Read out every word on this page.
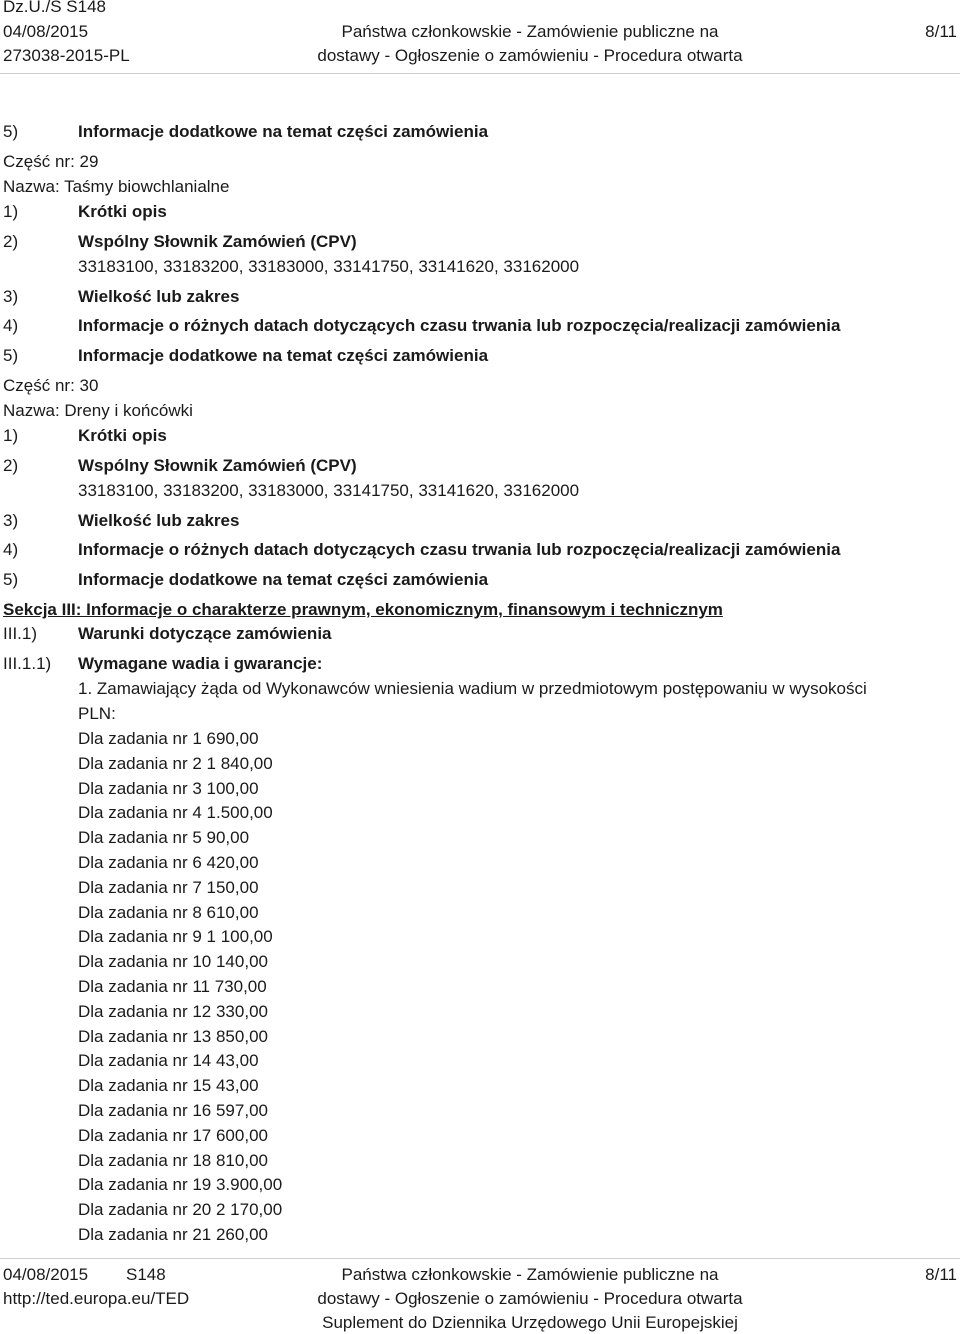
Dz.U./S S148
04/08/2015
273038-2015-PL
Państwa członkowskie - Zamówienie publiczne na
dostawy - Ogłoszenie o zamówieniu - Procedura otwarta
8/11
5)	Informacje dodatkowe na temat części zamówienia
Część nr: 29
Nazwa: Taśmy biowchlanialne
1)	Krótki opis
2)	Wspólny Słownik Zamówień (CPV)
33183100, 33183200, 33183000, 33141750, 33141620, 33162000
3)	Wielkość lub zakres
4)	Informacje o różnych datach dotyczących czasu trwania lub rozpoczęcia/realizacji zamówienia
5)	Informacje dodatkowe na temat części zamówienia
Część nr: 30
Nazwa: Dreny i końcówki
1)	Krótki opis
2)	Wspólny Słownik Zamówień (CPV)
33183100, 33183200, 33183000, 33141750, 33141620, 33162000
3)	Wielkość lub zakres
4)	Informacje o różnych datach dotyczących czasu trwania lub rozpoczęcia/realizacji zamówienia
5)	Informacje dodatkowe na temat części zamówienia
Sekcja III: Informacje o charakterze prawnym, ekonomicznym, finansowym i technicznym
III.1) Warunki dotyczące zamówienia
III.1.1) Wymagane wadia i gwarancje:
1. Zamawiający żąda od Wykonawców wniesienia wadium w przedmiotowym postępowaniu w wysokości
PLN:
Dla zadania nr 1 690,00
Dla zadania nr 2 1 840,00
Dla zadania nr 3 100,00
Dla zadania nr 4 1.500,00
Dla zadania nr 5 90,00
Dla zadania nr 6 420,00
Dla zadania nr 7 150,00
Dla zadania nr 8 610,00
Dla zadania nr 9 1 100,00
Dla zadania nr 10 140,00
Dla zadania nr 11 730,00
Dla zadania nr 12 330,00
Dla zadania nr 13 850,00
Dla zadania nr 14 43,00
Dla zadania nr 15 43,00
Dla zadania nr 16 597,00
Dla zadania nr 17 600,00
Dla zadania nr 18 810,00
Dla zadania nr 19 3.900,00
Dla zadania nr 20 2 170,00
Dla zadania nr 21 260,00
04/08/2015 S148
http://ted.europa.eu/TED
Państwa członkowskie - Zamówienie publiczne na
dostawy - Ogłoszenie o zamówieniu - Procedura otwarta
Suplement do Dziennika Urzędowego Unii Europejskiej
8/11
